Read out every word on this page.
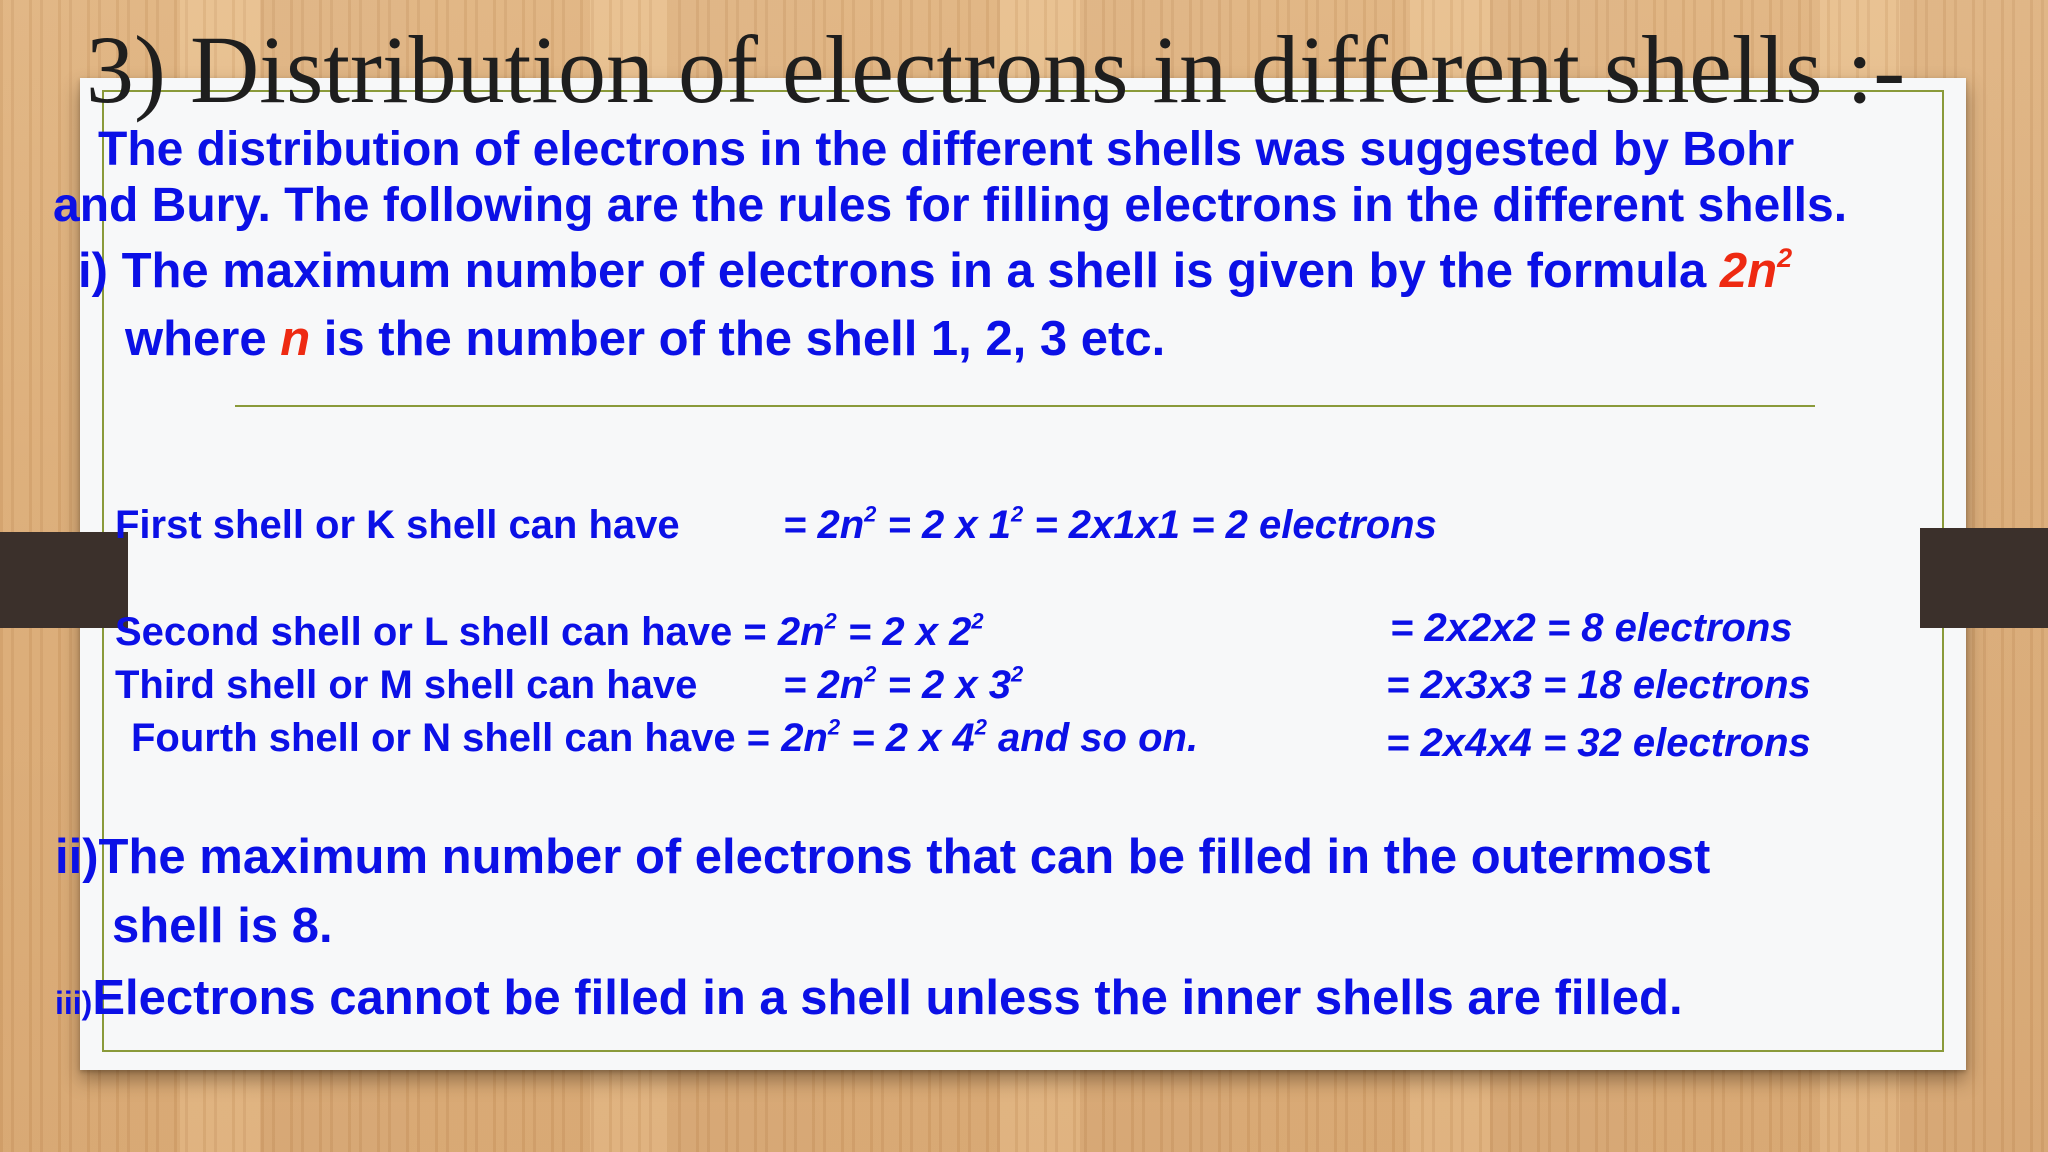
3) Distribution of electrons in different shells :-

The distribution of electrons in the different shells was suggested by Bohr

and Bury. The following are the rules for filling electrons in the different shells.

i) The maximum number of electrons in a shell is given by the formula $2n^2$

where n is the number of the shell 1, 2, 3 etc.

First shell or K shell can have	= $2n^2 = 2$ x $1^2 = 2x1x1 = 2$ electrons

Second shell or L shell can have = $2n^2 = 2$ x $2^2$	= 2x2x2 = 8 electrons

Third shell or M shell can have = $2n^2 = 2$ x $3^2$	= 2x3x3 = 18 electrons

Fourth shell or N shell can have = $2n^2 = 2$ x $4^2$ and so on.	= 2x4x4 = 32 electrons

ii)The maximum number of electrons that can be filled in the outermost

shell is 8.

iii)Electrons cannot be filled in a shell unless the inner shells are filled.
